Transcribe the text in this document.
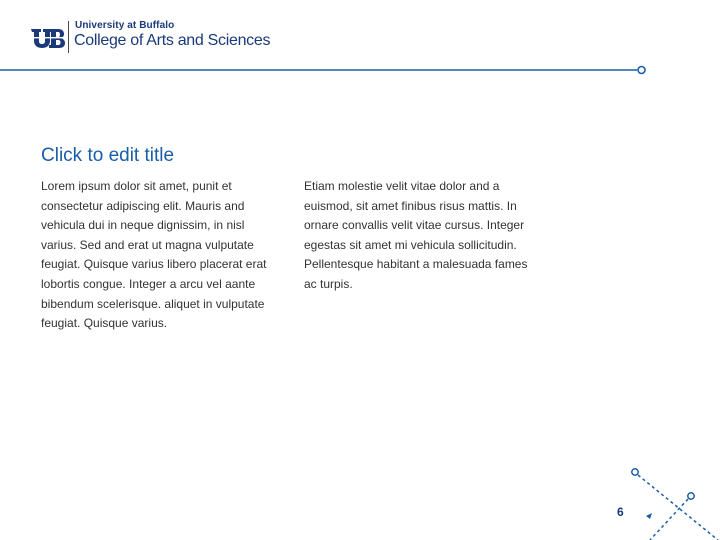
University at Buffalo
College of Arts and Sciences
Click to edit title
Lorem ipsum dolor sit amet, punit et consectetur adipiscing elit. Mauris and vehicula dui in neque dignissim, in nisl varius. Sed and erat ut magna vulputate feugiat. Quisque varius libero placerat erat lobortis congue. Integer a arcu vel aante bibendum scelerisque. aliquet in vulputate feugiat. Quisque varius.
Etiam molestie velit vitae dolor and a euismod, sit amet finibus risus mattis. In ornare convallis velit vitae cursus. Integer egestas sit amet mi vehicula sollicitudin. Pellentesque habitant a malesuada fames ac turpis.
6
